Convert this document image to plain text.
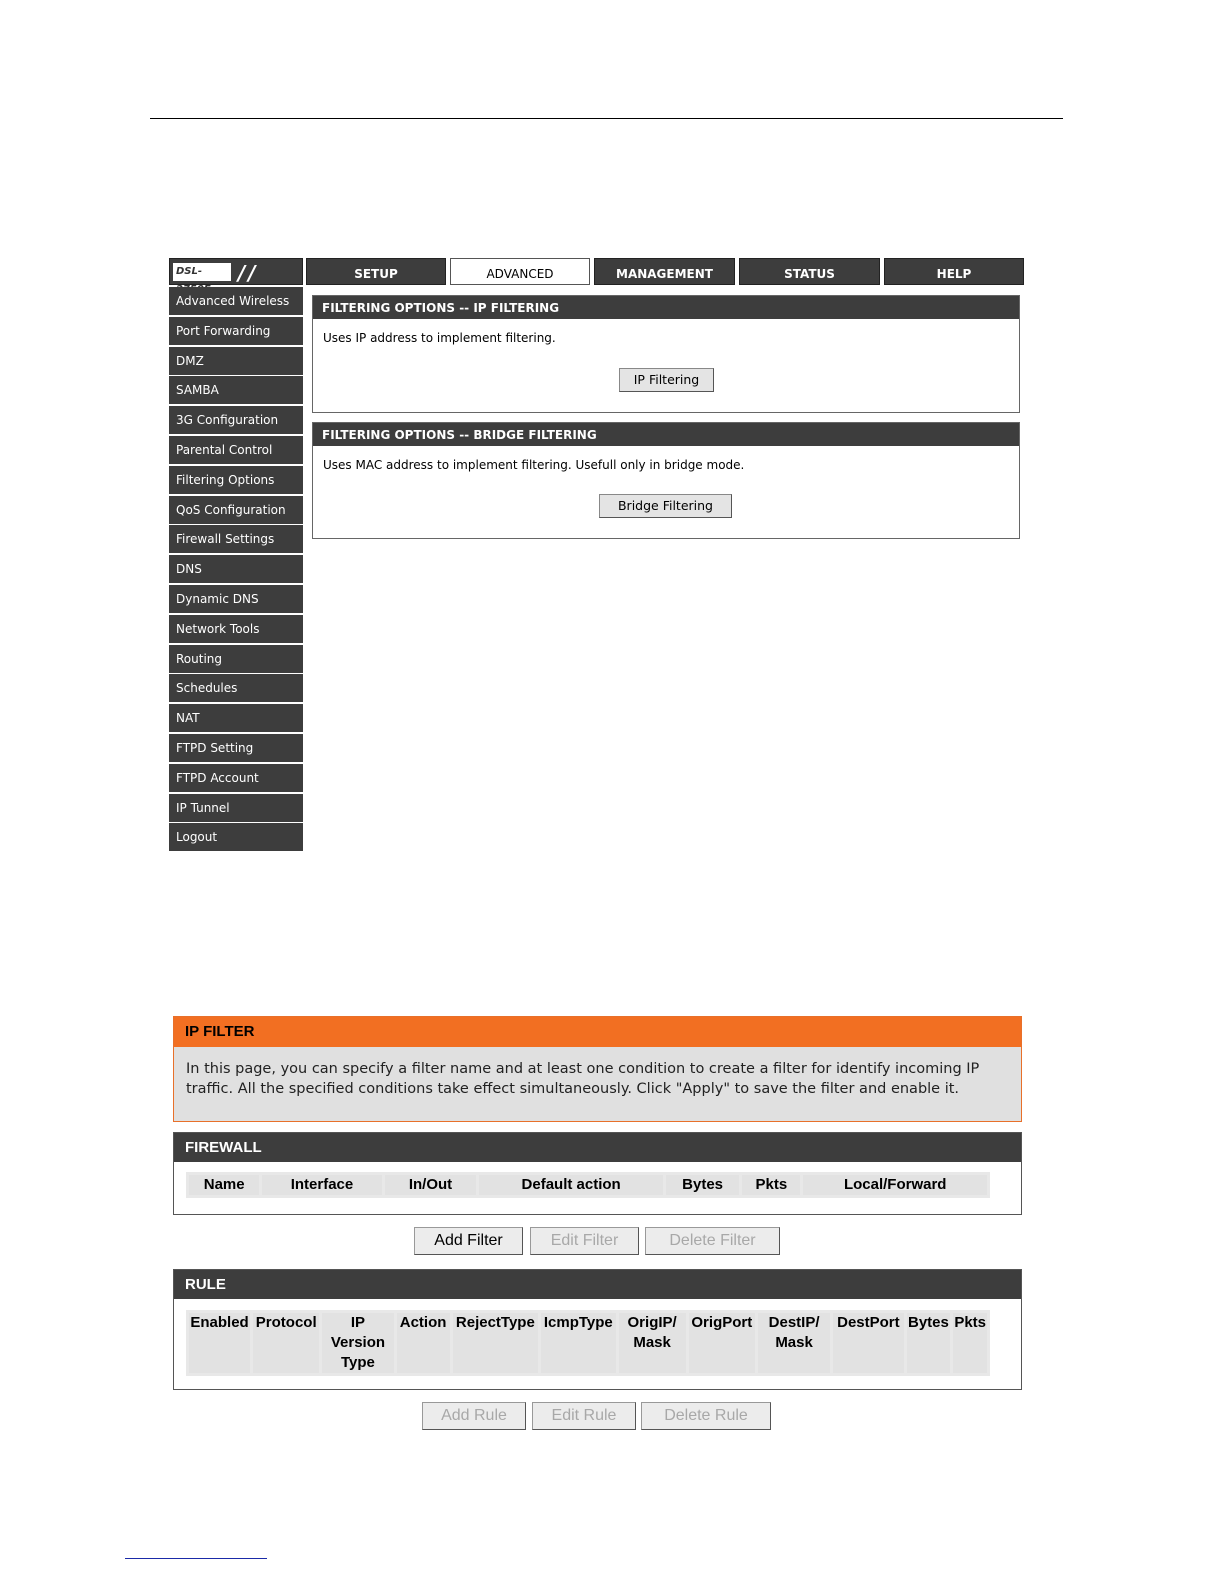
DSL-	/ /	SETUP	ADVANCED	MANAGEMENT	STATUS	HELP
Advanced Wireless
Port Forwarding
DMZ
SAMBA
3G Configuration
Parental Control
Filtering Options
QoS Configuration
Firewall Settings
DNS
Dynamic DNS
Network Tools
Routing
Schedules
NAT
FTPD Setting
FTPD Account
IP Tunnel
Logout
FILTERING OPTIONS -- IP FILTERING
Uses IP address to implement filtering.
IP Filtering
FILTERING OPTIONS -- BRIDGE FILTERING
Uses MAC address to implement filtering. Usefull only in bridge mode.
Bridge Filtering
IP FILTER
In this page, you can specify a filter name and at least one condition to create a filter for identify incoming IP traffic. All the specified conditions take effect simultaneously. Click "Apply" to save the filter and enable it.
FIREWALL
Name	Interface	In/Out	Default action	Bytes	Pkts	Local/Forward
Add Filter	Edit Filter	Delete Filter
RULE
Enabled	Protocol	IP Version Type	Action	RejectType	IcmpType	OrigIP/ Mask	OrigPort	DestIP/ Mask	DestPort	Bytes	Pkts
Add Rule	Edit Rule	Delete Rule
